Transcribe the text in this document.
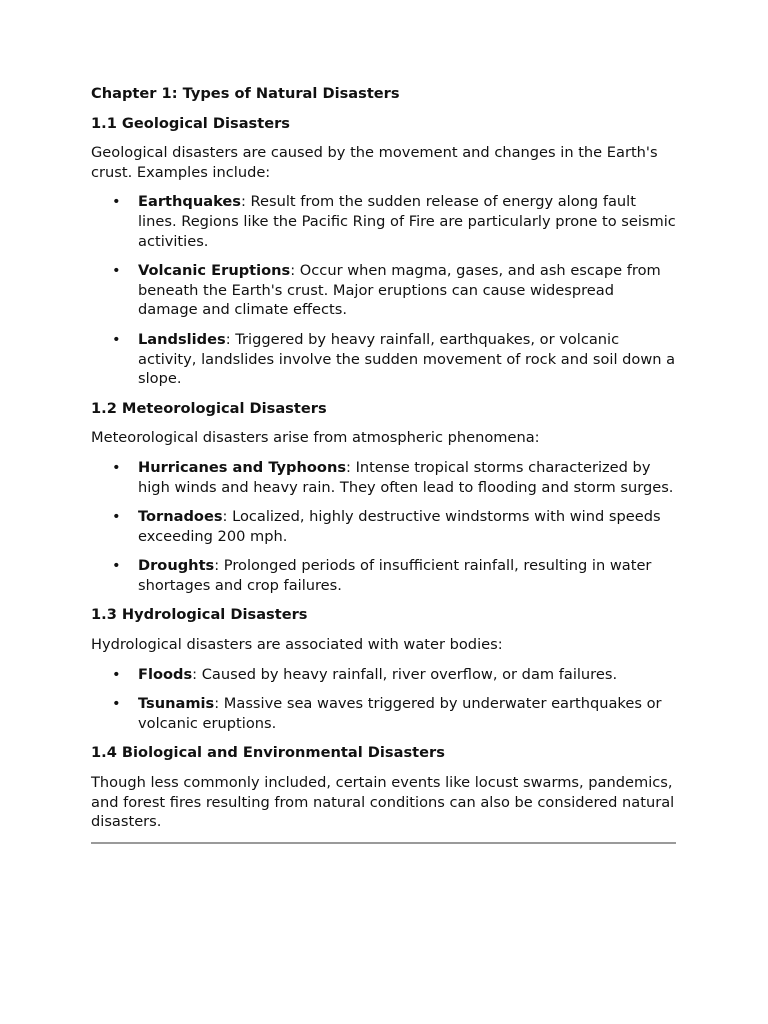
Chapter 1: Types of Natural Disasters
1.1 Geological Disasters
Geological disasters are caused by the movement and changes in the Earth's crust. Examples include:
• Earthquakes: Result from the sudden release of energy along fault lines. Regions like the Pacific Ring of Fire are particularly prone to seismic activities.
• Volcanic Eruptions: Occur when magma, gases, and ash escape from beneath the Earth's crust. Major eruptions can cause widespread damage and climate effects.
• Landslides: Triggered by heavy rainfall, earthquakes, or volcanic activity, landslides involve the sudden movement of rock and soil down a slope.
1.2 Meteorological Disasters
Meteorological disasters arise from atmospheric phenomena:
• Hurricanes and Typhoons: Intense tropical storms characterized by high winds and heavy rain. They often lead to flooding and storm surges.
• Tornadoes: Localized, highly destructive windstorms with wind speeds exceeding 200 mph.
• Droughts: Prolonged periods of insufficient rainfall, resulting in water shortages and crop failures.
1.3 Hydrological Disasters
Hydrological disasters are associated with water bodies:
• Floods: Caused by heavy rainfall, river overflow, or dam failures.
• Tsunamis: Massive sea waves triggered by underwater earthquakes or volcanic eruptions.
1.4 Biological and Environmental Disasters
Though less commonly included, certain events like locust swarms, pandemics, and forest fires resulting from natural conditions can also be considered natural disasters.
